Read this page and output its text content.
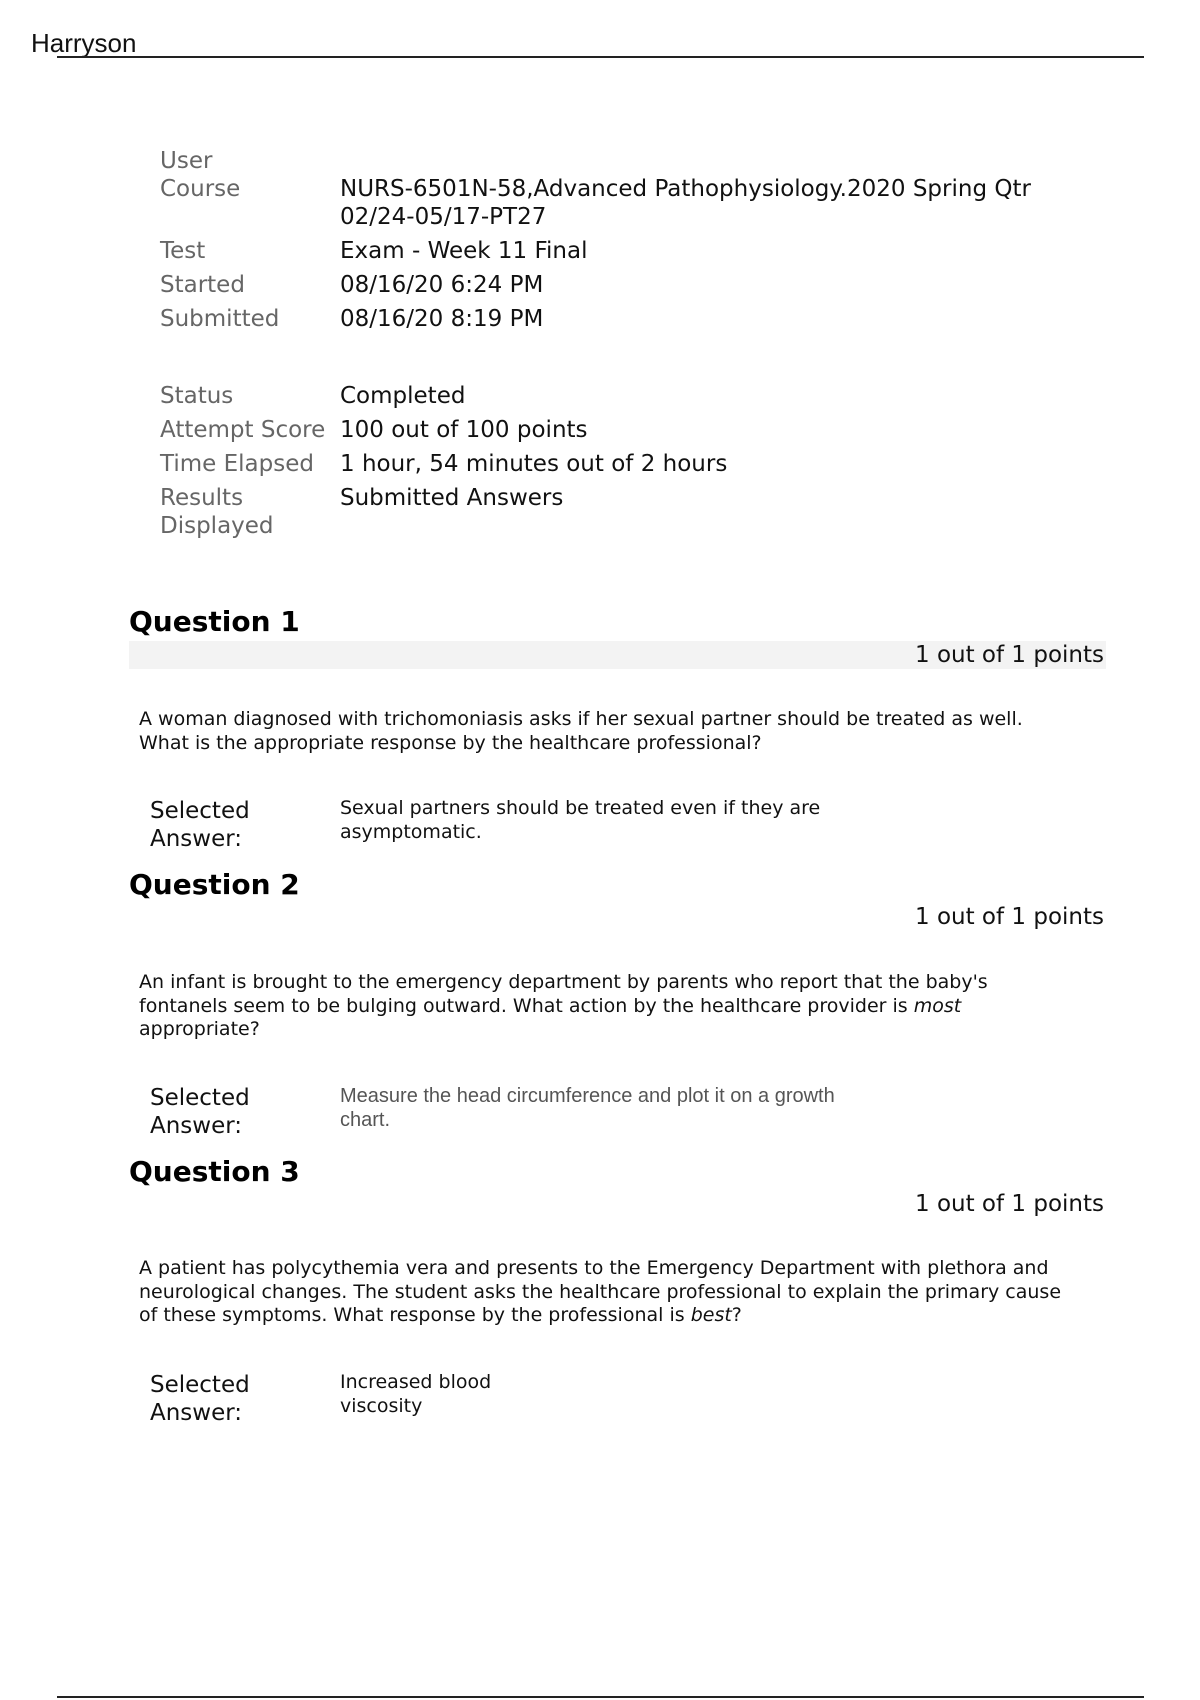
Harryson
User	
Course	NURS-6501N-58,Advanced Pathophysiology.2020 Spring Qtr 02/24-05/17-PT27
Test	Exam - Week 11 Final
Started	08/16/20 6:24 PM
Submitted	08/16/20 8:19 PM
Status	Completed
Attempt Score	100 out of 100 points
Time Elapsed	1 hour, 54 minutes out of 2 hours
Results Displayed	Submitted Answers
Question 1
1 out of 1 points
A woman diagnosed with trichomoniasis asks if her sexual partner should be treated as well. What is the appropriate response by the healthcare professional?
Selected Answer:
Sexual partners should be treated even if they are asymptomatic.
Question 2
1 out of 1 points
An infant is brought to the emergency department by parents who report that the baby's fontanels seem to be bulging outward. What action by the healthcare provider is most appropriate?
Selected Answer:
Measure the head circumference and plot it on a growth chart.
Question 3
1 out of 1 points
A patient has polycythemia vera and presents to the Emergency Department with plethora and neurological changes. The student asks the healthcare professional to explain the primary cause of these symptoms. What response by the professional is best?
Selected Answer:
Increased blood viscosity
